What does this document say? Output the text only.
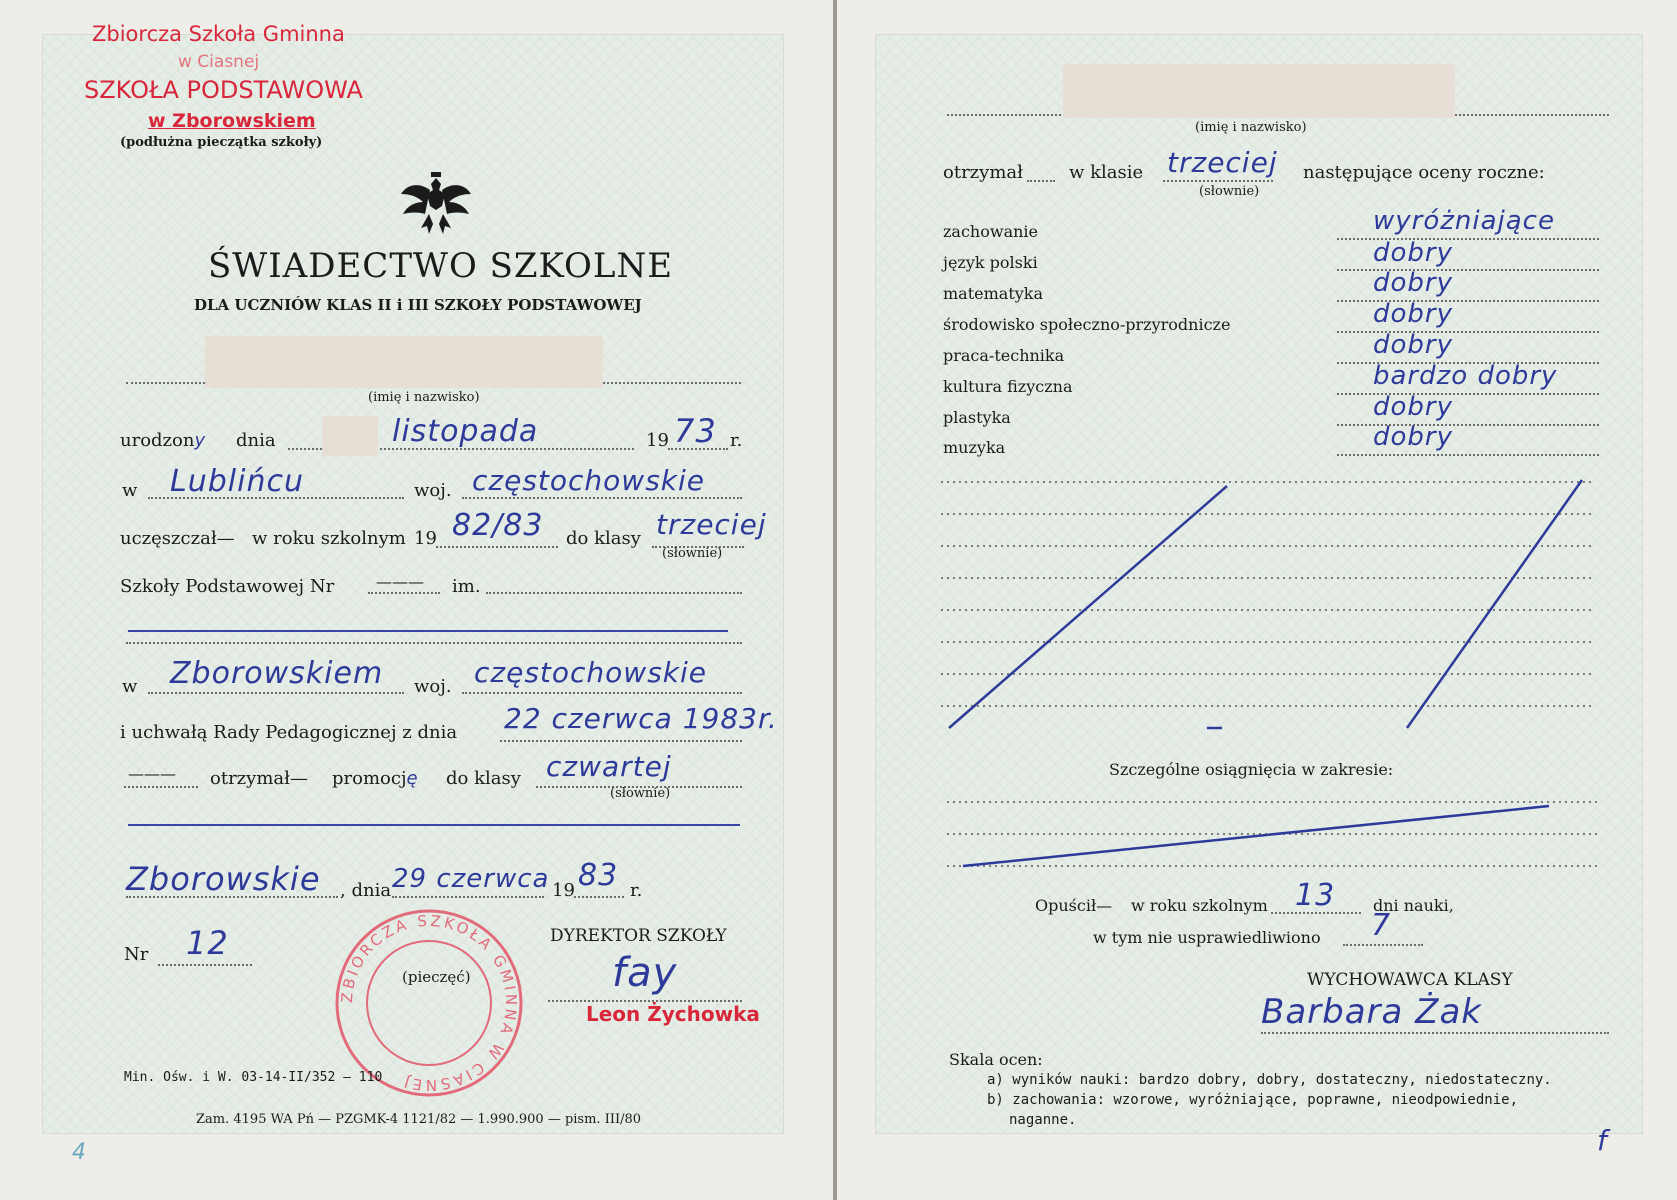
Zbiorcza Szkoła Gminna
w Ciasnej
SZKOŁA PODSTAWOWA
w Zborowskiem
(podłużna pieczątka szkoły)
ŚWIADECTWO SZKOLNE
DLA UCZNIÓW KLAS II i III SZKOŁY PODSTAWOWEJ
(imię i nazwisko)
urodzony dnia	listopada	19 73 r.
w Lublińcu	woj. częstochowskie
uczęszczał— w roku szkolnym 19 82/83 do klasy trzeciej
(słownie)
Szkoły Podstawowej Nr	——— im.
w Zborowskiem woj. częstochowskie
i uchwałą Rady Pedagogicznej z dnia 22 czerwca 1983r.
——— otrzymał— promocję do klasy czwartej
(słownie)
Zborowskie , dnia 29 czerwca 19 83 r.
Nr 12
ZBIORCZA SZKOŁA GMINNA W CIASNEJ
(pieczęć)
DYREKTOR SZKOŁY
fay
Leon Żychowka
Min. Ośw. i W. 03-14-II/352 — 110
Zam. 4195 WA Pń — PZGMK-4 1121/82 — 1.990.900 — pism. III/80
4
(imię i nazwisko)
otrzymał	w klasie trzeciej
(słownie)
następujące oceny roczne:
zachowanie	wyróżniające
język polski	dobry
matematyka	dobry
środowisko społeczno-przyrodnicze	dobry
praca-technika	dobry
kultura fizyczna	bardzo dobry
plastyka	dobry
muzyka	dobry
Szczególne osiągnięcia w zakresie:
Opuścił— w roku szkolnym 13 dni nauki,
w tym nie usprawiedliwiono 7
WYCHOWAWCA KLASY
Barbara Żak
Skala ocen:
a) wyników nauki: bardzo dobry, dobry, dostateczny, niedostateczny.
b) zachowania: wzorowe, wyróżniające, poprawne, nieodpowiednie,
naganne.
f
